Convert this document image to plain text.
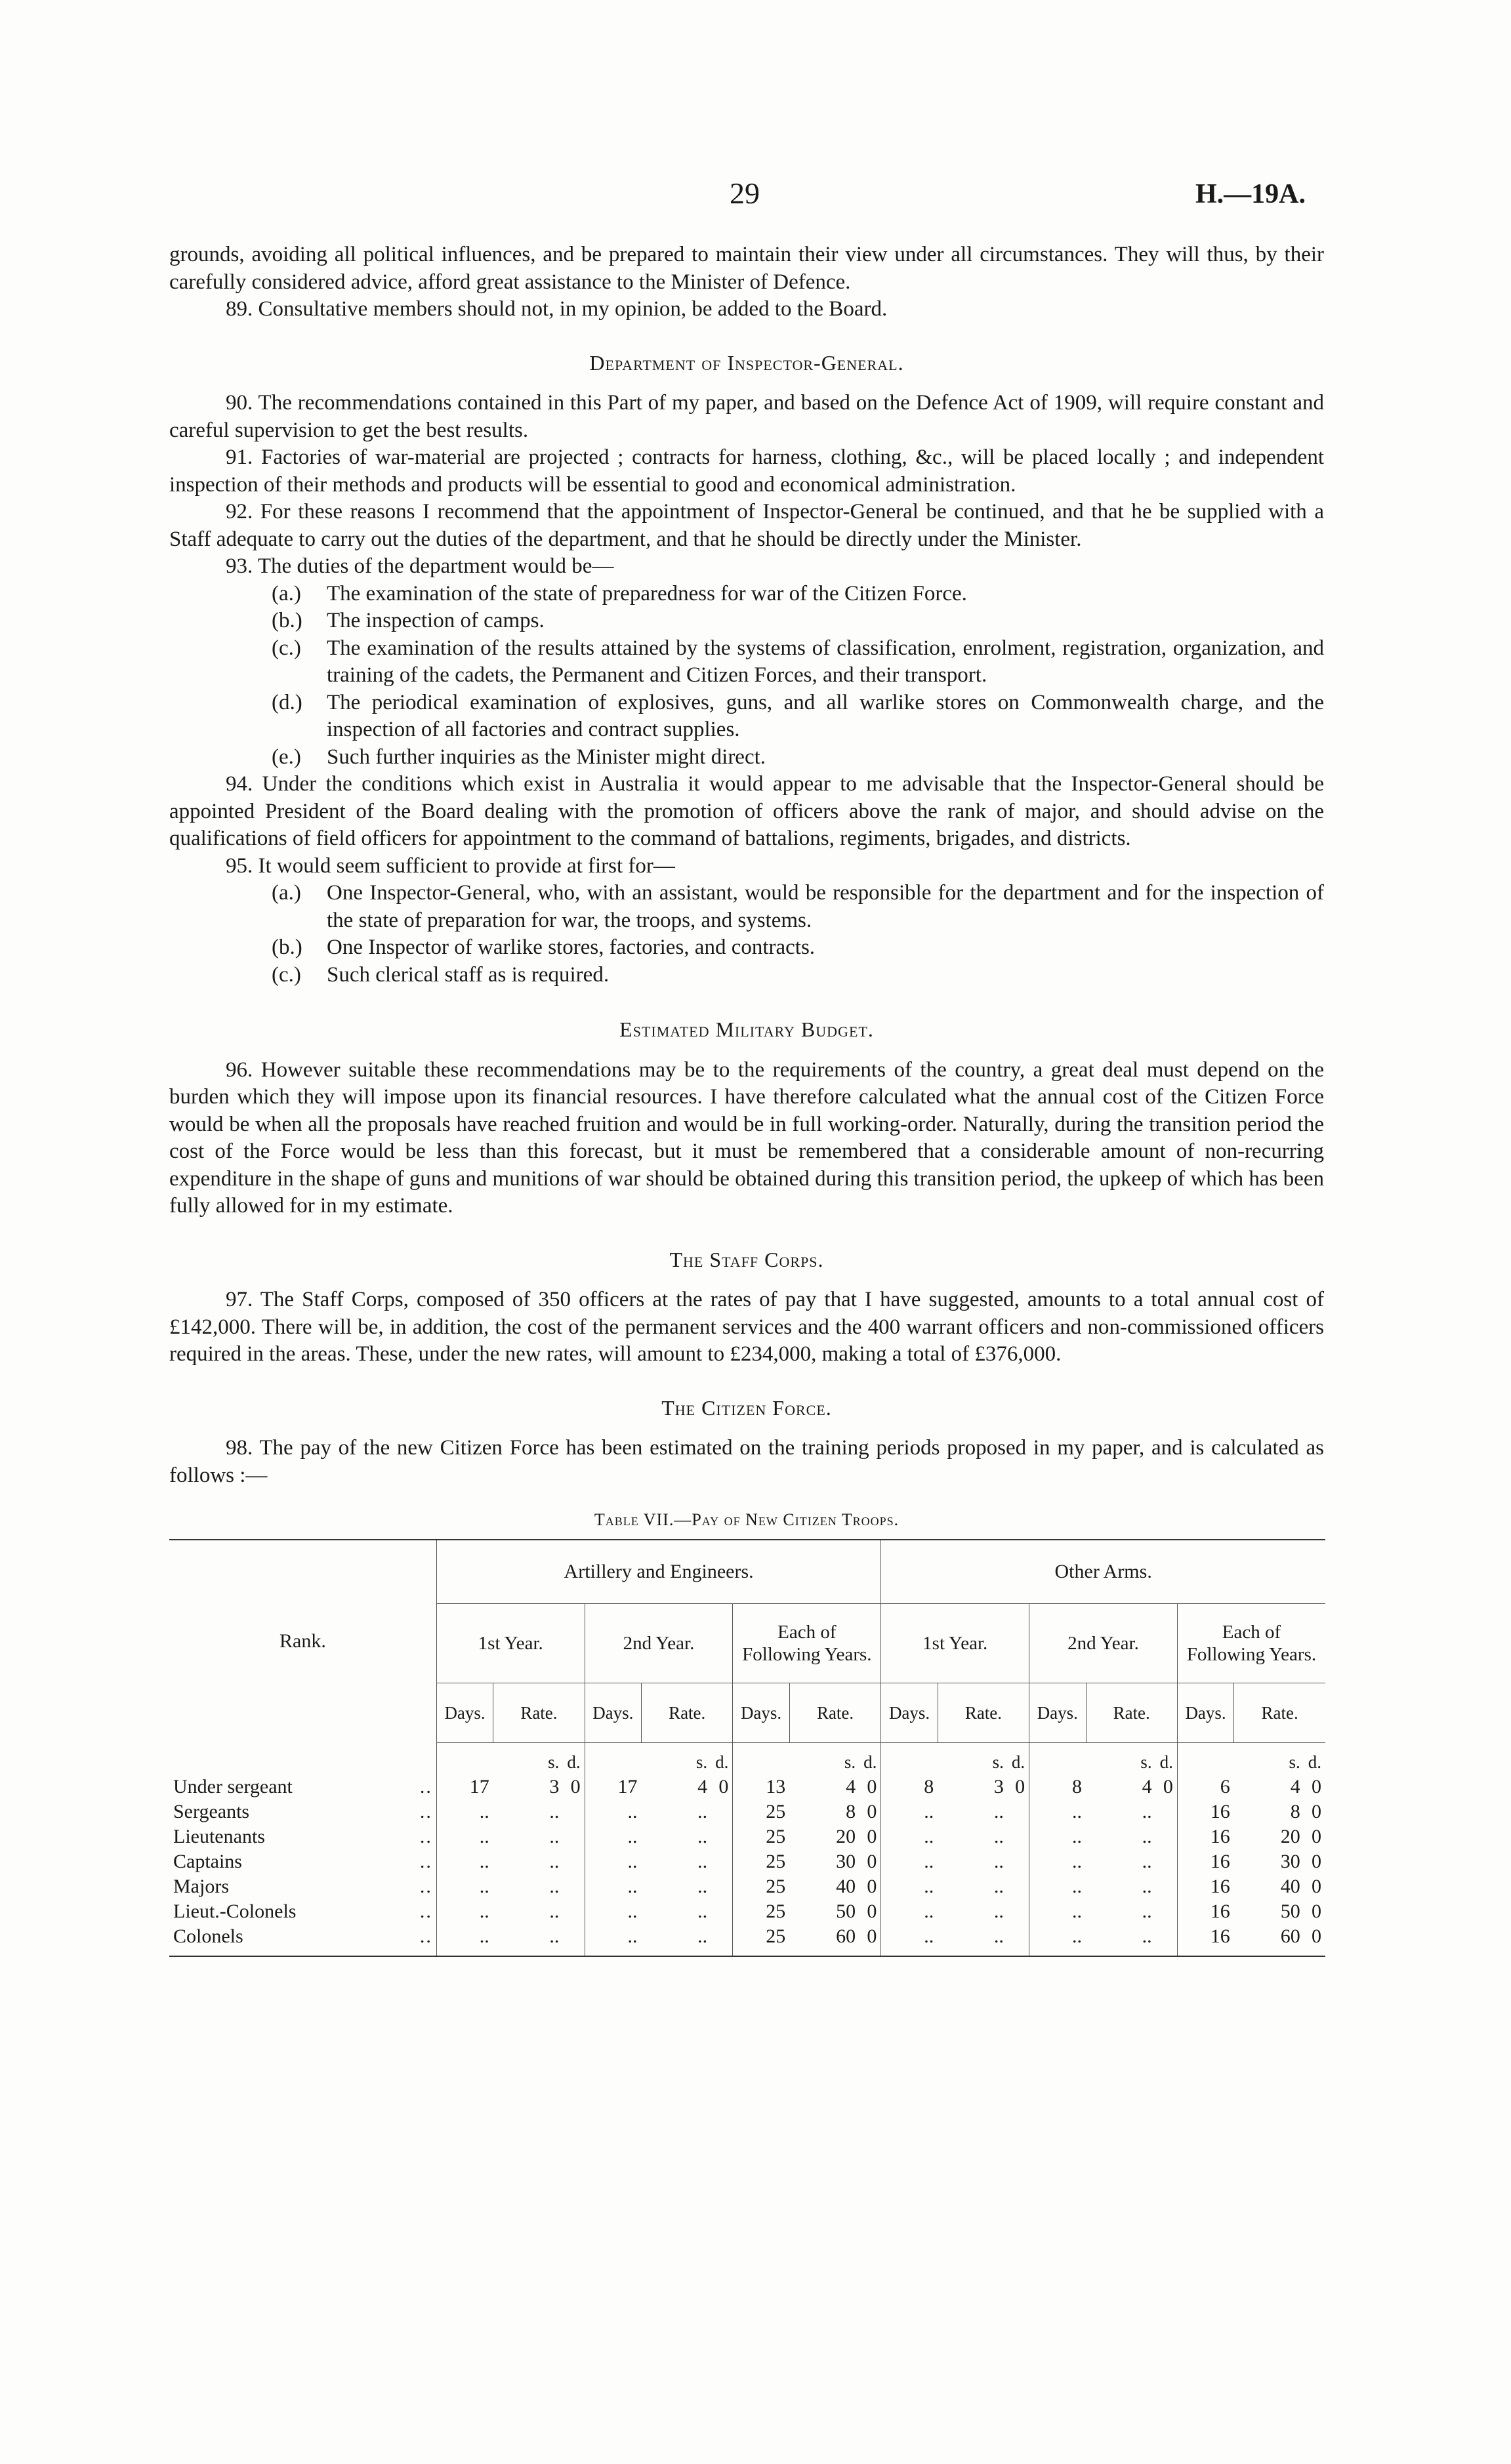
29	H.—19A.

grounds, avoiding all political influences, and be prepared to maintain their view under all circumstances. They will thus, by their carefully considered advice, afford great assistance to the Minister of Defence.

89. Consultative members should not, in my opinion, be added to the Board.

Department of Inspector-General.

90. The recommendations contained in this Part of my paper, and based on the Defence Act of 1909, will require constant and careful supervision to get the best results.

91. Factories of war-material are projected ; contracts for harness, clothing, &c., will be placed locally ; and independent inspection of their methods and products will be essential to good and economical administration.

92. For these reasons I recommend that the appointment of Inspector-General be continued, and that he be supplied with a Staff adequate to carry out the duties of the department, and that he should be directly under the Minister.

93. The duties of the department would be—

(a.) The examination of the state of preparedness for war of the Citizen Force.
(b.) The inspection of camps.
(c.) The examination of the results attained by the systems of classification, enrolment, registration, organization, and training of the cadets, the Permanent and Citizen Forces, and their transport.
(d.) The periodical examination of explosives, guns, and all warlike stores on Commonwealth charge, and the inspection of all factories and contract supplies.
(e.) Such further inquiries as the Minister might direct.

94. Under the conditions which exist in Australia it would appear to me advisable that the Inspector-General should be appointed President of the Board dealing with the promotion of officers above the rank of major, and should advise on the qualifications of field officers for appointment to the command of battalions, regiments, brigades, and districts.

95. It would seem sufficient to provide at first for—

(a.) One Inspector-General, who, with an assistant, would be responsible for the department and for the inspection of the state of preparation for war, the troops, and systems.
(b.) One Inspector of warlike stores, factories, and contracts.
(c.) Such clerical staff as is required.
Estimated Military Budget.

96. However suitable these recommendations may be to the requirements of the country, a great deal must depend on the burden which they will impose upon its financial resources. I have therefore calculated what the annual cost of the Citizen Force would be when all the proposals have reached fruition and would be in full working-order. Naturally, during the transition period the cost of the Force would be less than this forecast, but it must be remembered that a considerable amount of non-recurring expenditure in the shape of guns and munitions of war should be obtained during this transition period, the upkeep of which has been fully allowed for in my estimate.

The Staff Corps.

97. The Staff Corps, composed of 350 officers at the rates of pay that I have suggested, amounts to a total annual cost of £142,000. There will be, in addition, the cost of the permanent services and the 400 warrant officers and non-commissioned officers required in the areas. These, under the new rates, will amount to £234,000, making a total of £376,000.

The Citizen Force.

98. The pay of the new Citizen Force has been estimated on the training periods proposed in my paper, and is calculated as follows :—

Table VII.—Pay of New Citizen Troops.
Rank.	Artillery and Engineers.									Other Arms.								
	1st Year.			2nd Year.			Each of Following Years.			1st Year.			2nd Year.			Each of Following Years.		
	Days.	Rate.		Days.	Rate.		Days.	Rate.		Days.	Rate.		Days.	Rate.		Days.	Rate.	
		s.	d.		s.	d.		s.	d.		s.	d.		s.	d.		s.	d.
Under sergeant ..	17	3	0	17	4	0	13	4	0	8	3	0	8	4	0	6	4	0
Sergeants ..	..	..		..	..		25	8	0	..	..		..	..		16	8	0
Lieutenants ..	..	..		..	..		25	20	0	..	..		..	..		16	20	0
Captains ..	..	..		..	..		25	30	0	..	..		..	..		16	30	0
Majors ..	..	..		..	..		25	40	0	..	..		..	..		16	40	0
Lieut.-Colonels ..	..	..		..	..		25	50	0	..	..		..	..		16	50	0
Colonels ..	..	..		..	..		25	60	0	..	..		..	..		16	60	0
